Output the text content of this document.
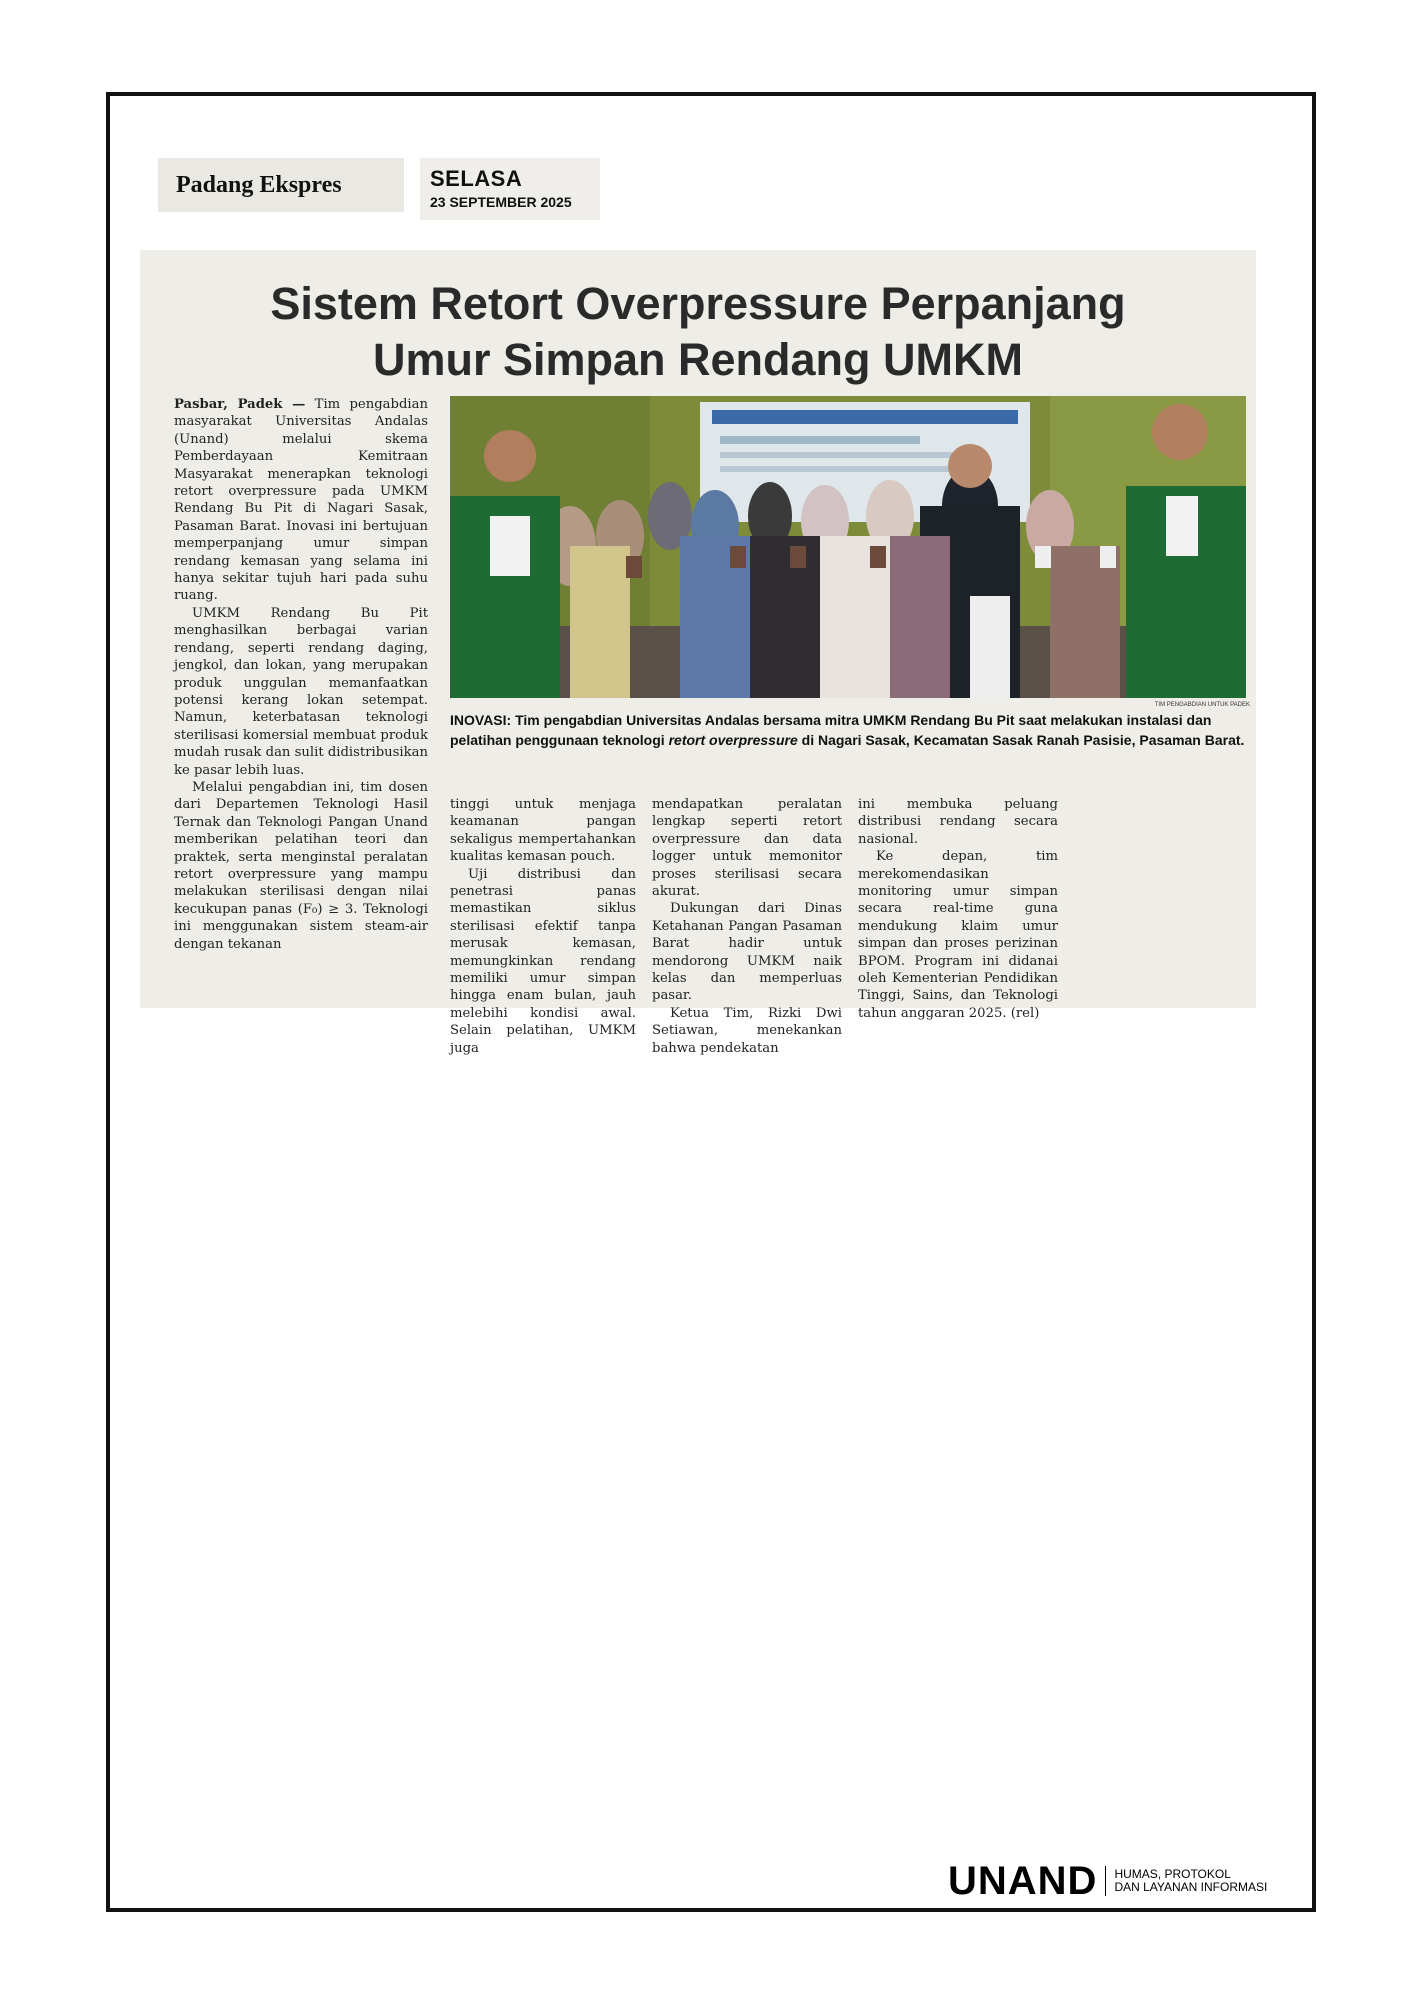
Padang Ekspres	SELASA
23 SEPTEMBER 2025
Sistem Retort Overpressure Perpanjang
Umur Simpan Rendang UMKM

Pasbar, Padek — Tim pengabdian masyarakat Universitas Andalas (Unand) melalui skema Pemberdayaan Kemitraan Masyarakat menerapkan teknologi retort overpressure pada UMKM Rendang Bu Pit di Nagari Sasak, Pasaman Barat. Inovasi ini bertujuan memperpanjang umur simpan rendang kemasan yang selama ini hanya sekitar tujuh hari pada suhu ruang.

UMKM Rendang Bu Pit menghasilkan berbagai varian rendang, seperti rendang daging, jengkol, dan lokan, yang merupakan produk unggulan memanfaatkan potensi kerang lokan setempat. Namun, keterbatasan teknologi sterilisasi komersial membuat produk mudah rusak dan sulit didistribusikan ke pasar lebih luas.

Melalui pengabdian ini, tim dosen dari Departemen Teknologi Hasil Ternak dan Teknologi Pangan Unand memberikan pelatihan teori dan praktek, serta menginstal peralatan retort overpressure yang mampu melakukan sterilisasi dengan nilai kecukupan panas (F₀) ≥ 3. Teknologi ini menggunakan sistem steam-air dengan tekanan

TIM PENGABDIAN UNTUK PADEK
INOVASI: Tim pengabdian Universitas Andalas bersama mitra UMKM Rendang Bu Pit saat melakukan instalasi dan pelatihan penggunaan teknologi retort overpressure di Nagari Sasak, Kecamatan Sasak Ranah Pasisie, Pasaman Barat.

tinggi untuk menjaga keamanan pangan sekaligus mempertahankan kualitas kemasan pouch.

Uji distribusi dan penetrasi panas memastikan siklus sterilisasi efektif tanpa merusak kemasan, memungkinkan rendang memiliki umur simpan hingga enam bulan, jauh melebihi kondisi awal. Selain pelatihan, UMKM juga

mendapatkan peralatan lengkap seperti retort overpressure dan data logger untuk memonitor proses sterilisasi secara akurat.

Dukungan dari Dinas Ketahanan Pangan Pasaman Barat hadir untuk mendorong UMKM naik kelas dan memperluas pasar.

Ketua Tim, Rizki Dwi Setiawan, menekankan bahwa pendekatan

ini membuka peluang distribusi rendang secara nasional.

Ke depan, tim merekomendasikan monitoring umur simpan secara real-time guna mendukung klaim umur simpan dan proses perizinan BPOM. Program ini didanai oleh Kementerian Pendidikan Tinggi, Sains, dan Teknologi tahun anggaran 2025. (rel)

UNAND HUMAS, PROTOKOL
DAN LAYANAN INFORMASI
